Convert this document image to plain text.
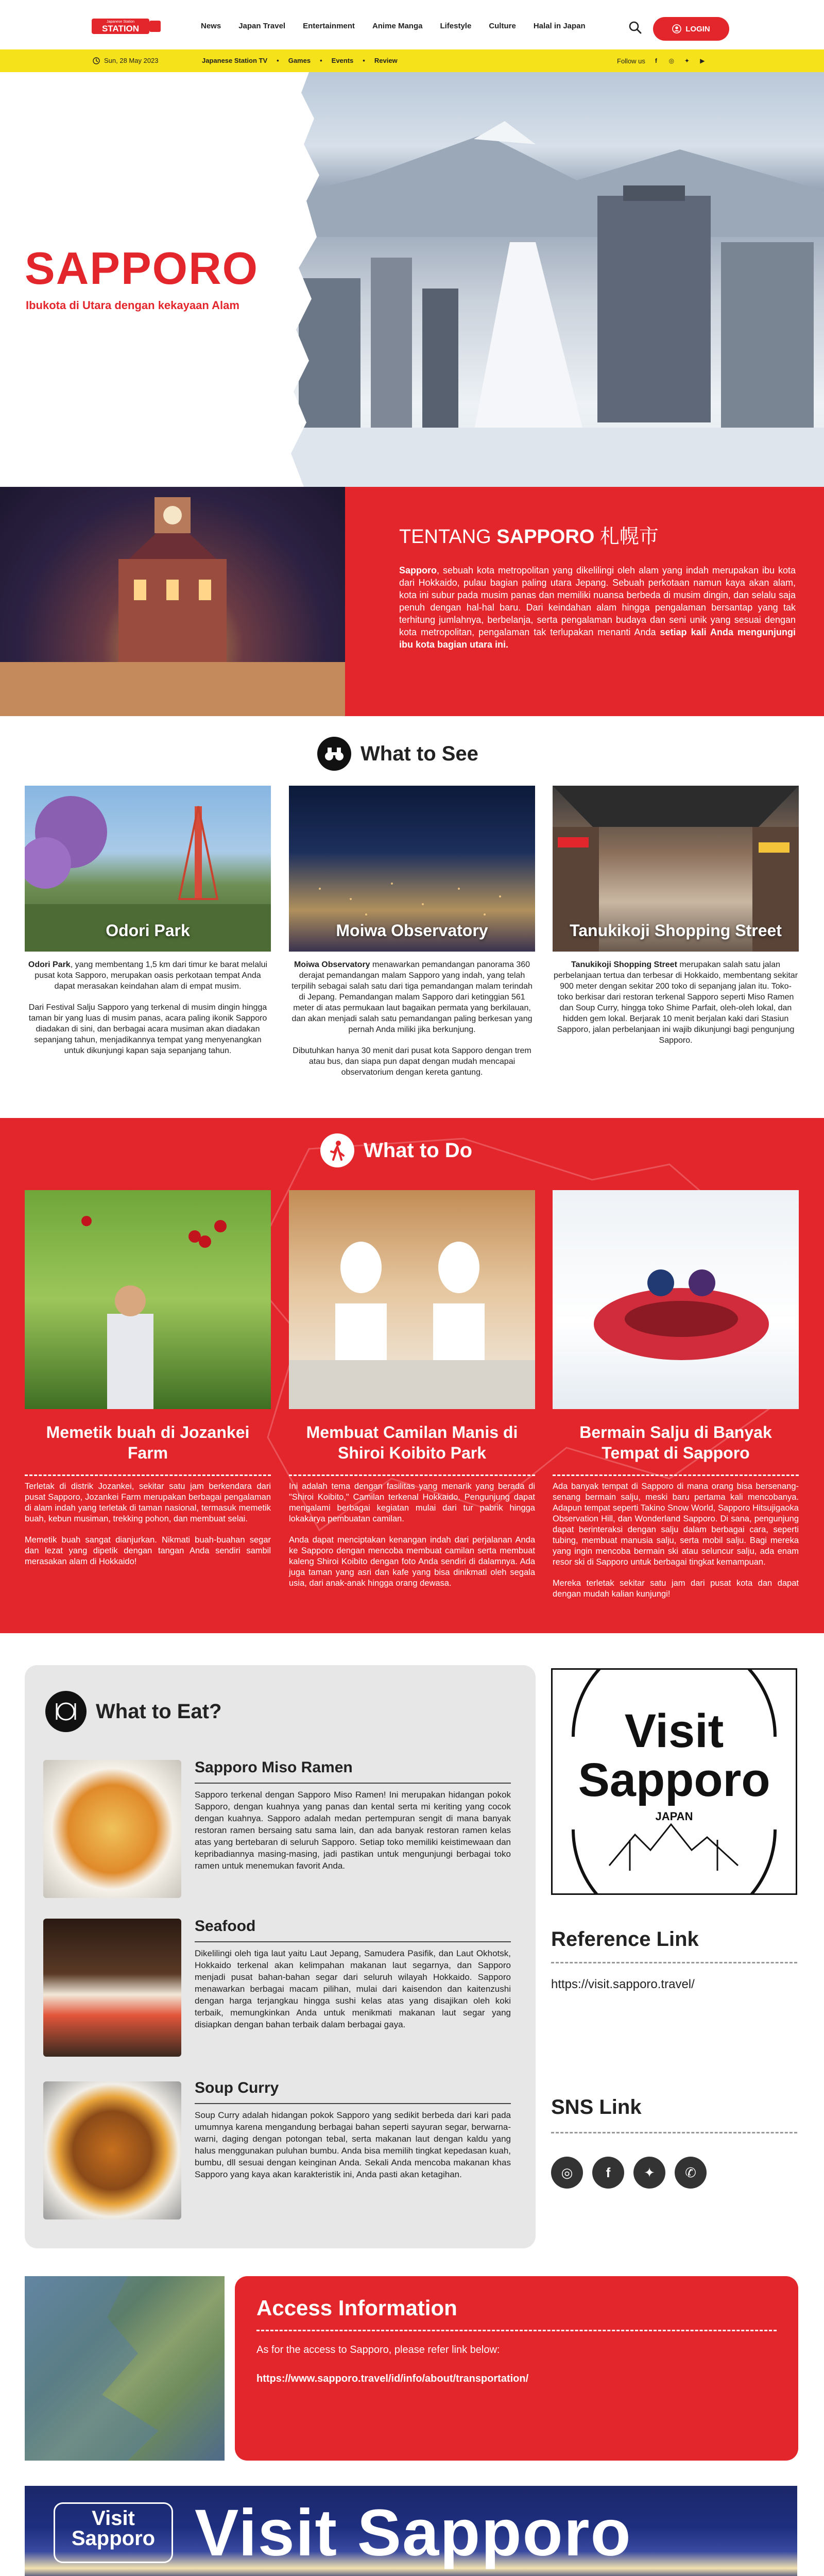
Japanese Station
STATION	News Japan Travel Entertainment Anime Manga Lifestyle Culture Halal in Japan	LOGIN
Sun, 28 May 2023	Japanese Station TV • Games • Events • Review	Follow us	f	◎	✦	▶
SAPPORO
Ibukota di Utara dengan kekayaan Alam
TENTANG SAPPORO 札幌市
Sapporo, sebuah kota metropolitan yang dikelilingi oleh alam yang indah merupakan ibu kota dari Hokkaido, pulau bagian paling utara Jepang. Sebuah perkotaan namun kaya akan alam, kota ini subur pada musim panas dan memiliki nuansa berbeda di musim dingin, dan selalu saja penuh dengan hal-hal baru. Dari keindahan alam hingga pengalaman bersantap yang tak terhitung jumlahnya, berbelanja, serta pengalaman budaya dan seni unik yang sesuai dengan kota metropolitan, pengalaman tak terlupakan menanti Anda setiap kali Anda mengunjungi ibu kota bagian utara ini.
What to See
Odori Park	Moiwa Observatory	Tanukikoji Shopping Street

Odori Park, yang membentang 1,5 km dari timur ke barat melalui pusat kota Sapporo, merupakan oasis perkotaan tempat Anda dapat merasakan keindahan alam di empat musim.

Dari Festival Salju Sapporo yang terkenal di musim dingin hingga taman bir yang luas di musim panas, acara paling ikonik Sapporo diadakan di sini, dan berbagai acara musiman akan diadakan sepanjang tahun, menjadikannya tempat yang menyenangkan untuk dikunjungi kapan saja sepanjang tahun.

Moiwa Observatory menawarkan pemandangan panorama 360 derajat pemandangan malam Sapporo yang indah, yang telah terpilih sebagai salah satu dari tiga pemandangan malam terindah di Jepang. Pemandangan malam Sapporo dari ketinggian 561 meter di atas permukaan laut bagaikan permata yang berkilauan, dan akan menjadi salah satu pemandangan paling berkesan yang pernah Anda miliki jika berkunjung.

Dibutuhkan hanya 30 menit dari pusat kota Sapporo dengan trem atau bus, dan siapa pun dapat dengan mudah mencapai observatorium dengan kereta gantung.

Tanukikoji Shopping Street merupakan salah satu jalan perbelanjaan tertua dan terbesar di Hokkaido, membentang sekitar 900 meter dengan sekitar 200 toko di sepanjang jalan itu. Toko-toko berkisar dari restoran terkenal Sapporo seperti Miso Ramen dan Soup Curry, hingga toko Shime Parfait, oleh-oleh lokal, dan hidden gem lokal. Berjarak 10 menit berjalan kaki dari Stasiun Sapporo, jalan perbelanjaan ini wajib dikunjungi bagi pengunjung Sapporo.

What to Do
Memetik buah di Jozankei Farm
Membuat Camilan Manis di Shiroi Koibito Park
Bermain Salju di Banyak Tempat di Sapporo

Terletak di distrik Jozankei, sekitar satu jam berkendara dari pusat Sapporo, Jozankei Farm merupakan berbagai pengalaman di alam indah yang terletak di taman nasional, termasuk memetik buah, kebun musiman, trekking pohon, dan membuat selai.

Memetik buah sangat dianjurkan. Nikmati buah-buahan segar dan lezat yang dipetik dengan tangan Anda sendiri sambil merasakan alam di Hokkaido!

Ini adalah tema dengan fasilitas yang menarik yang berada di "Shiroi Koibito," Camilan terkenal Hokkaido. Pengunjung dapat mengalami berbagai kegiatan mulai dari tur pabrik hingga lokakarya pembuatan camilan.

Anda dapat menciptakan kenangan indah dari perjalanan Anda ke Sapporo dengan mencoba membuat camilan serta membuat kaleng Shiroi Koibito dengan foto Anda sendiri di dalamnya. Ada juga taman yang asri dan kafe yang bisa dinikmati oleh segala usia, dari anak-anak hingga orang dewasa.

Ada banyak tempat di Sapporo di mana orang bisa bersenang-senang bermain salju, meski baru pertama kali mencobanya. Adapun tempat seperti Takino Snow World, Sapporo Hitsujigaoka Observation Hill, dan Wonderland Sapporo. Di sana, pengunjung dapat berinteraksi dengan salju dalam berbagai cara, seperti tubing, membuat manusia salju, serta mobil salju. Bagi mereka yang ingin mencoba bermain ski atau seluncur salju, ada enam resor ski di Sapporo untuk berbagai tingkat kemampuan.

Mereka terletak sekitar satu jam dari pusat kota dan dapat dengan mudah kalian kunjungi!

What to Eat?
Sapporo Miso Ramen
Sapporo terkenal dengan Sapporo Miso Ramen! Ini merupakan hidangan pokok Sapporo, dengan kuahnya yang panas dan kental serta mi keriting yang cocok dengan kuahnya. Sapporo adalah medan pertempuran sengit di mana banyak restoran ramen bersaing satu sama lain, dan ada banyak restoran ramen kelas atas yang bertebaran di seluruh Sapporo. Setiap toko memiliki keistimewaan dan kepribadiannya masing-masing, jadi pastikan untuk mengunjungi berbagai toko ramen untuk menemukan favorit Anda.
Seafood
Dikelilingi oleh tiga laut yaitu Laut Jepang, Samudera Pasifik, dan Laut Okhotsk, Hokkaido terkenal akan kelimpahan makanan laut segarnya, dan Sapporo menjadi pusat bahan-bahan segar dari seluruh wilayah Hokkaido. Sapporo menawarkan berbagai macam pilihan, mulai dari kaisendon dan kaitenzushi dengan harga terjangkau hingga sushi kelas atas yang disajikan oleh koki terbaik, memungkinkan Anda untuk menikmati makanan laut segar yang disiapkan dengan bahan terbaik dalam berbagai gaya.
Soup Curry
Soup Curry adalah hidangan pokok Sapporo yang sedikit berbeda dari kari pada umumnya karena mengandung berbagai bahan seperti sayuran segar, berwarna-warni, daging dengan potongan tebal, serta makanan laut dengan kaldu yang halus menggunakan puluhan bumbu. Anda bisa memilih tingkat kepedasan kuah, bumbu, dll sesuai dengan keinginan Anda. Sekali Anda mencoba makanan khas Sapporo yang kaya akan karakteristik ini, Anda pasti akan ketagihan.
Visit
Sapporo
JAPAN
Reference Link
https://visit.sapporo.travel/
SNS Link
◎	f	✦	✆
Access Information
As for the access to Sapporo, please refer link below:
https://www.sapporo.travel/id/info/about/transportation/
Visit
Sapporo Visit Sapporo
